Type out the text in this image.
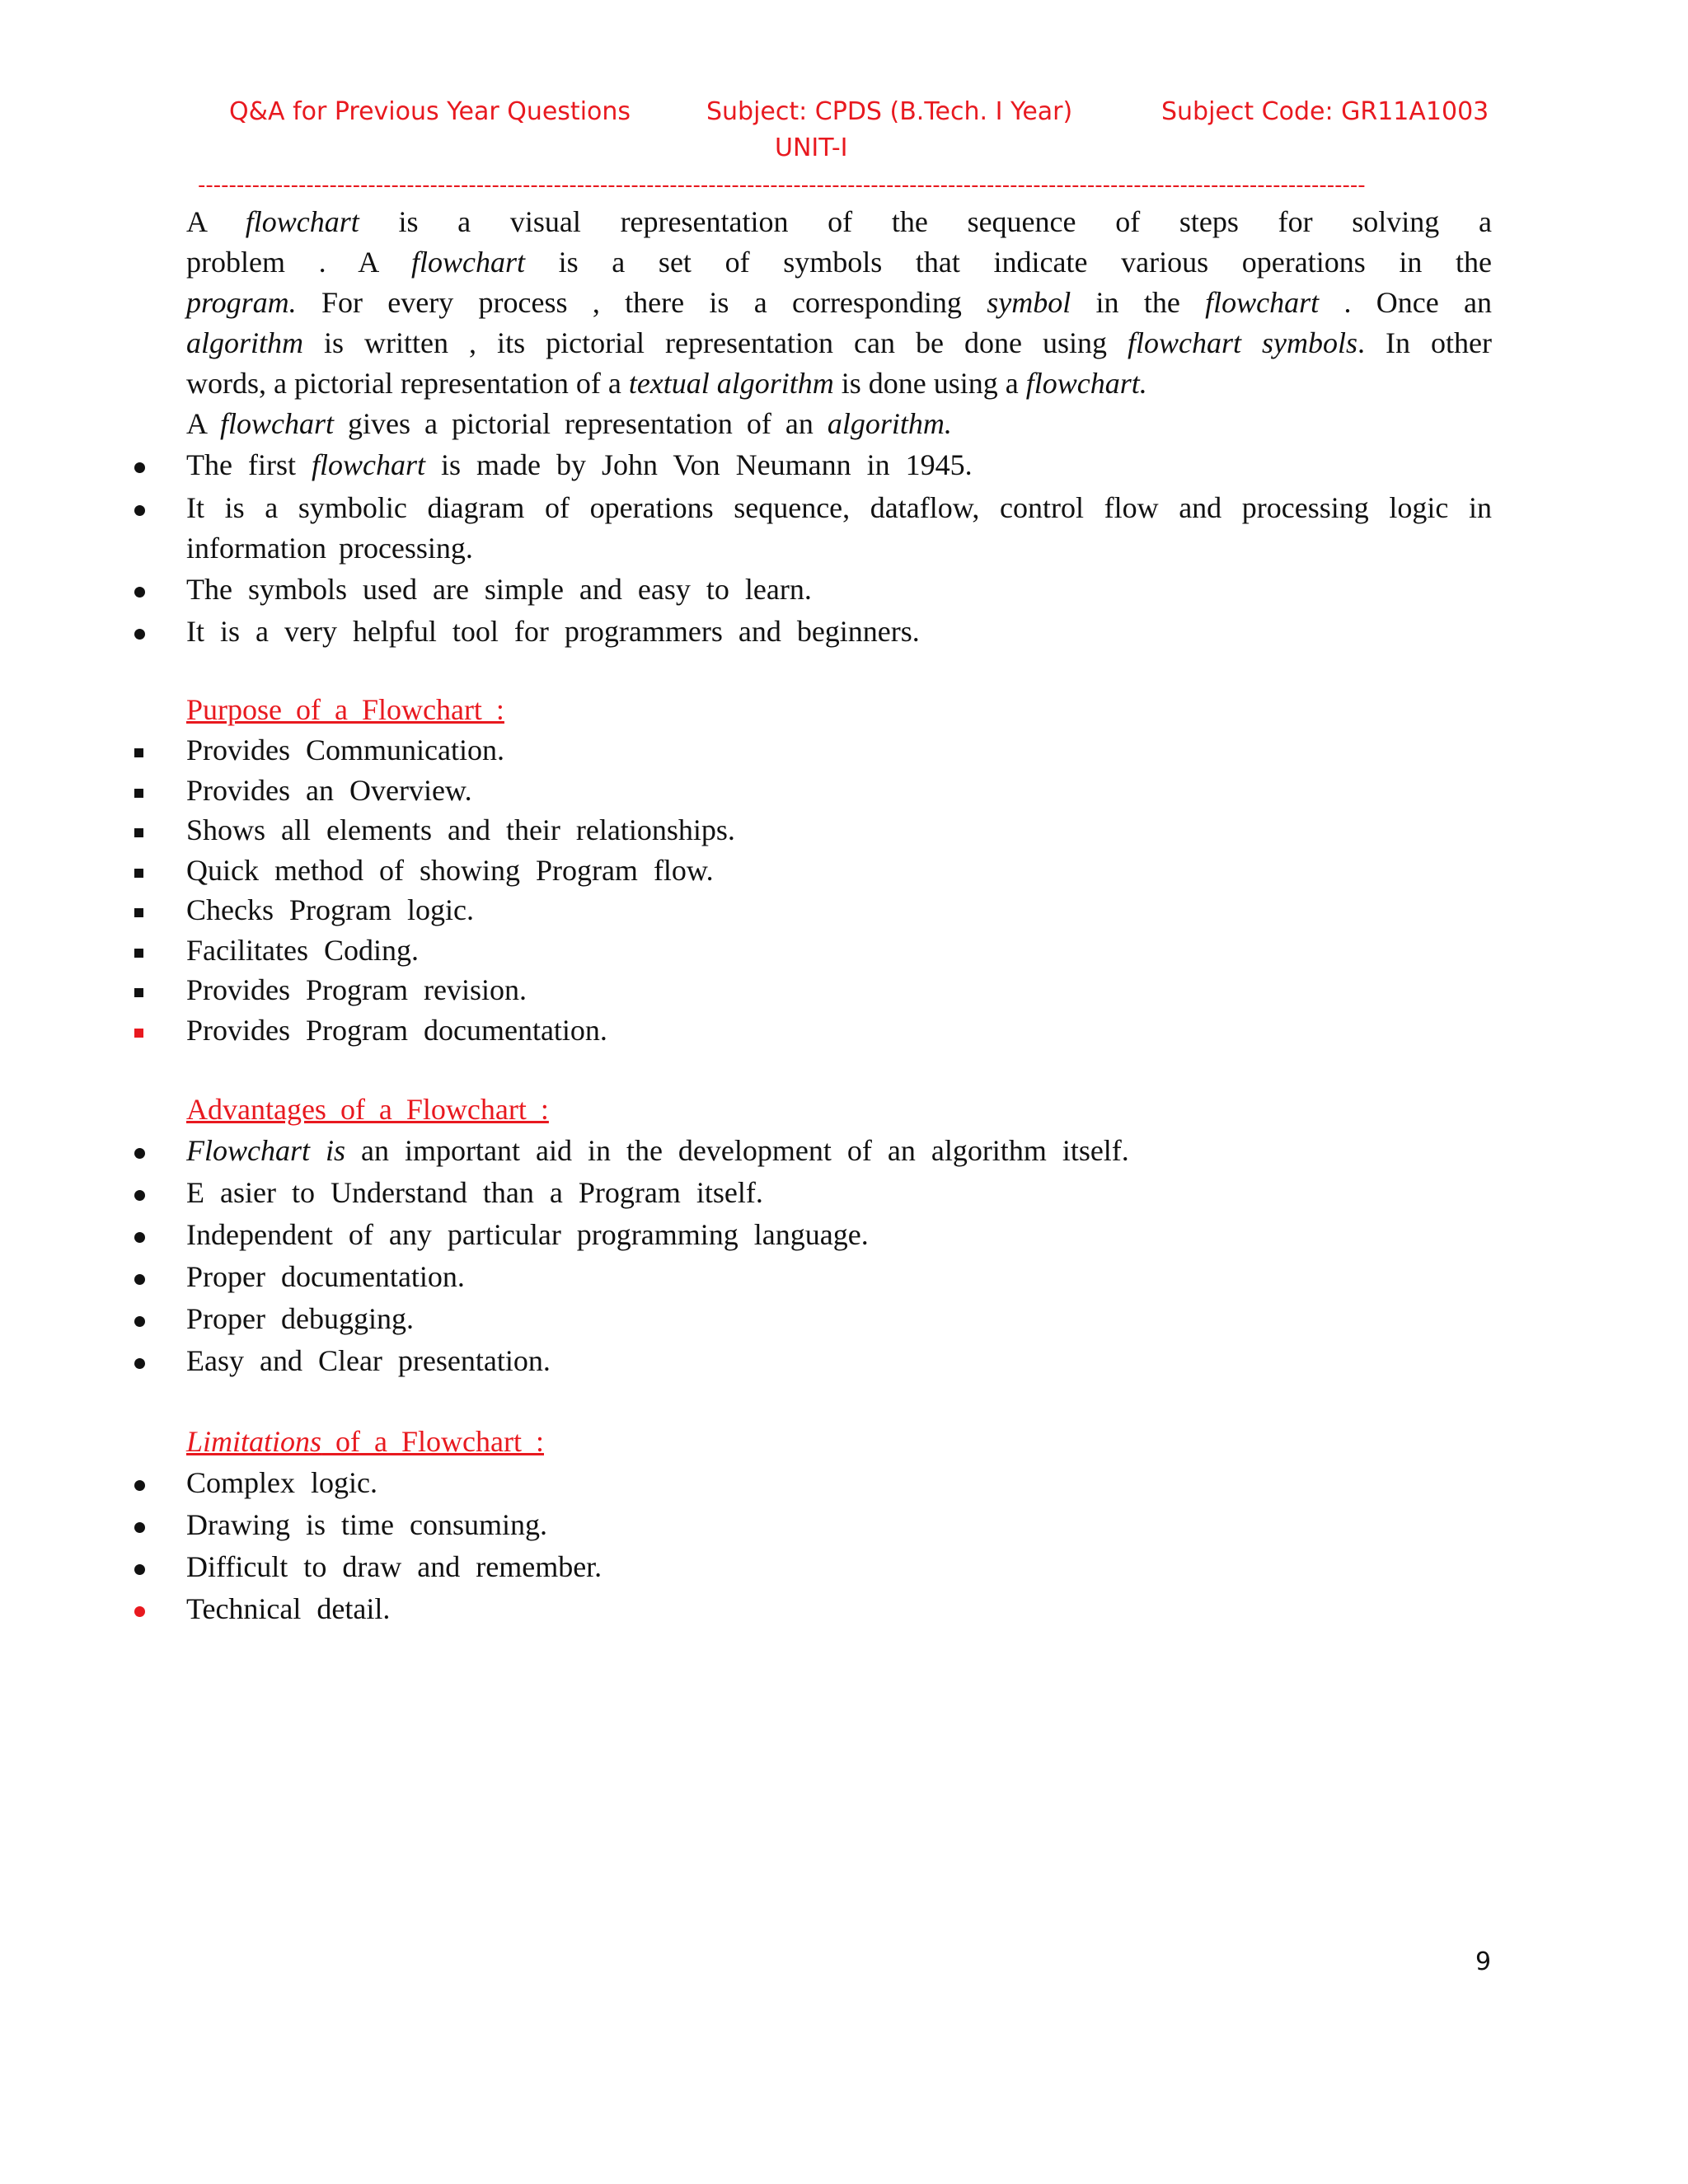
Q&A for Previous Year Questions	Subject: CPDS (B.Tech. I Year)	Subject Code: GR11A1003
UNIT-I
-------------------------------------------------------------------------------------------------------------------------------------------------------
A flowchart is a visual representation of the sequence of steps for solving a
problem . A flowchart is a set of symbols that indicate various operations in the
program. For every process , there is a corresponding symbol in the flowchart . Once an
algorithm is written , its pictorial representation can be done using flowchart symbols. In other
words, a pictorial representation of a textual algorithm is done using a flowchart.
A flowchart gives a pictorial representation of an algorithm.
The first flowchart is made by John Von Neumann in 1945.
It is a symbolic diagram of operations sequence, dataflow, control flow and processing logic in information processing.
The symbols used are simple and easy to learn.
It is a very helpful tool for programmers and beginners.
Purpose of a Flowchart :
Provides Communication.
Provides an Overview.
Shows all elements and their relationships.
Quick method of showing Program flow.
Checks Program logic.
Facilitates Coding.
Provides Program revision.
Provides Program documentation.
Advantages of a Flowchart :
Flowchart is an important aid in the development of an algorithm itself.
E asier to Understand than a Program itself.
Independent of any particular programming language.
Proper documentation.
Proper debugging.
Easy and Clear presentation.
Limitations of a Flowchart :
Complex logic.
Drawing is time consuming.
Difficult to draw and remember.
Technical detail.
9
